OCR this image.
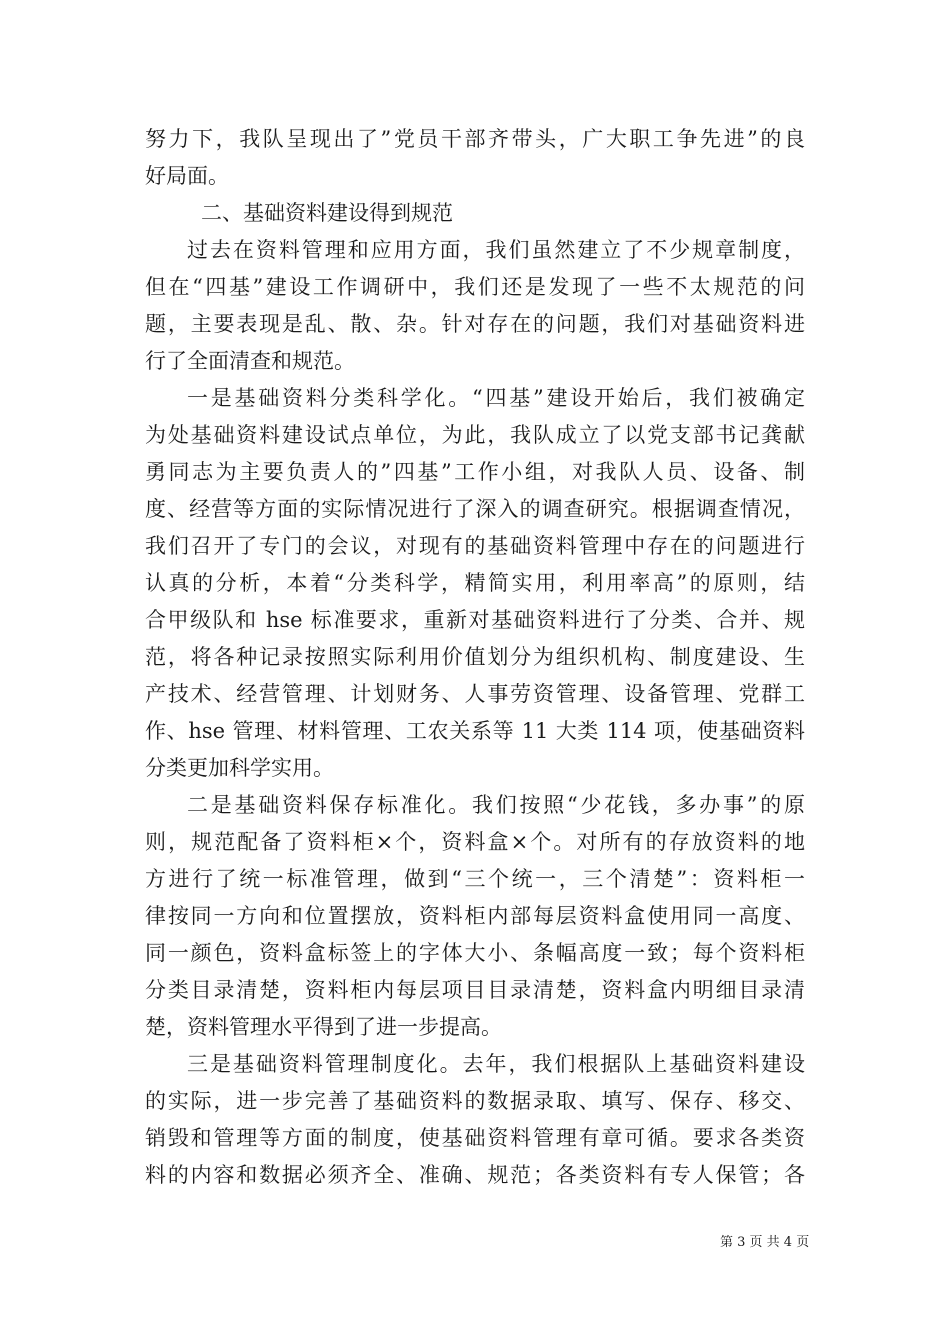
努力下，我队呈现出了”党员干部齐带头，广大职工争先进”的良
好局面。
二、基础资料建设得到规范
过去在资料管理和应用方面，我们虽然建立了不少规章制度，
但在“四基”建设工作调研中，我们还是发现了一些不太规范的问
题，主要表现是乱、散、杂。针对存在的问题，我们对基础资料进
行了全面清查和规范。
一是基础资料分类科学化。“四基”建设开始后，我们被确定
为处基础资料建设试点单位，为此，我队成立了以党支部书记龚献
勇同志为主要负责人的”四基”工作小组，对我队人员、设备、制
度、经营等方面的实际情况进行了深入的调查研究。根据调查情况，
我们召开了专门的会议，对现有的基础资料管理中存在的问题进行
认真的分析，本着“分类科学，精简实用，利用率高”的原则，结
合甲级队和 hse 标准要求，重新对基础资料进行了分类、合并、规
范，将各种记录按照实际利用价值划分为组织机构、制度建设、生
产技术、经营管理、计划财务、人事劳资管理、设备管理、党群工
作、hse 管理、材料管理、工农关系等 11 大类 114 项，使基础资料
分类更加科学实用。
二是基础资料保存标准化。我们按照“少花钱，多办事”的原
则，规范配备了资料柜×个，资料盒×个。对所有的存放资料的地
方进行了统一标准管理，做到“三个统一，三个清楚”：资料柜一
律按同一方向和位置摆放，资料柜内部每层资料盒使用同一高度、
同一颜色，资料盒标签上的字体大小、条幅高度一致；每个资料柜
分类目录清楚，资料柜内每层项目目录清楚，资料盒内明细目录清
楚，资料管理水平得到了进一步提高。
三是基础资料管理制度化。去年，我们根据队上基础资料建设
的实际，进一步完善了基础资料的数据录取、填写、保存、移交、
销毁和管理等方面的制度，使基础资料管理有章可循。要求各类资
料的内容和数据必须齐全、准确、规范；各类资料有专人保管；各
第 3 页 共 4 页
